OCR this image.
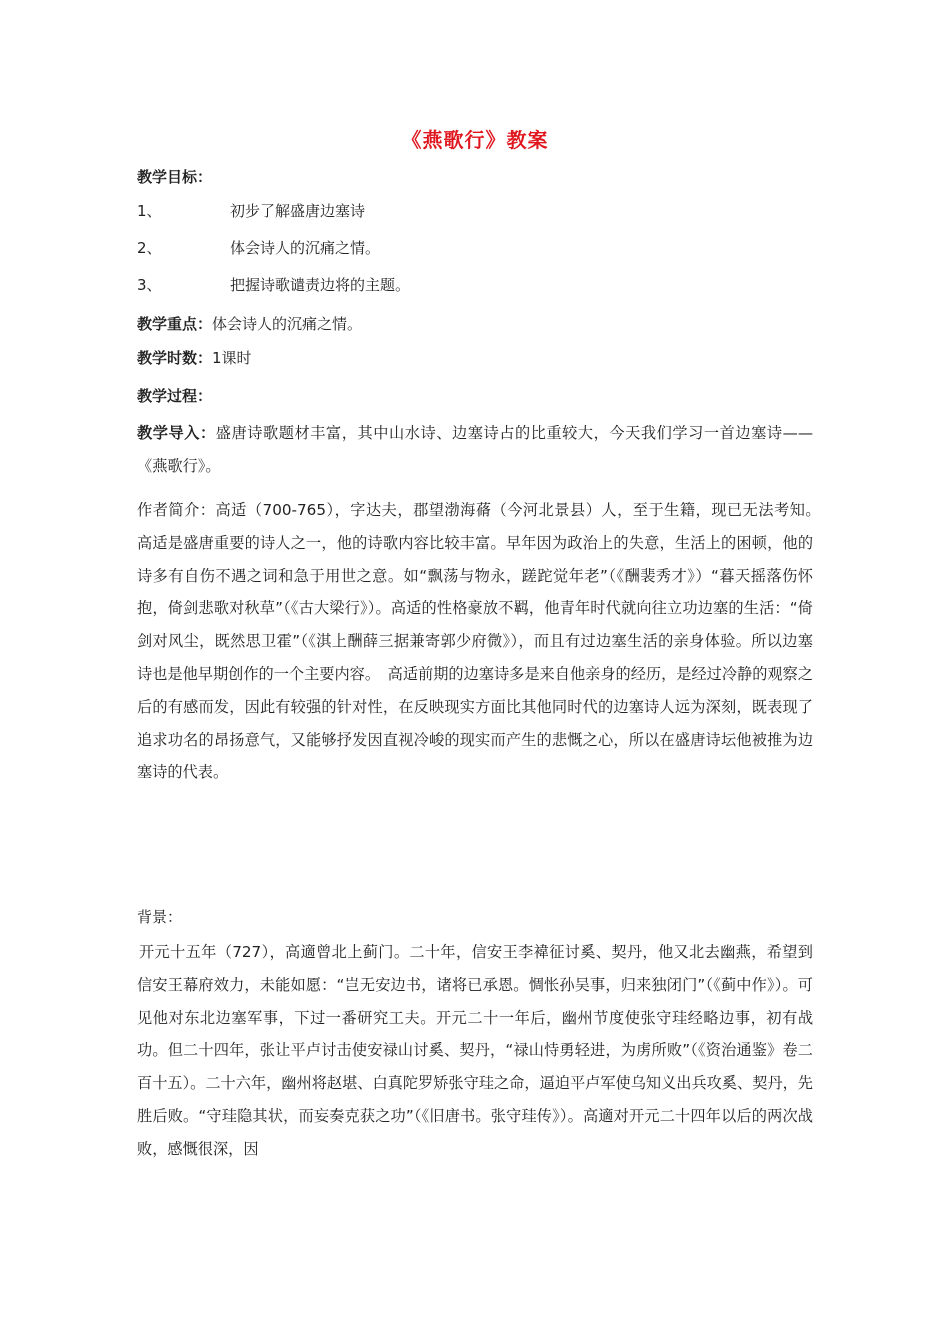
《燕歌行》教案
教学目标：
1、	初步了解盛唐边塞诗
2、	体会诗人的沉痛之情。
3、	把握诗歌谴责边将的主题。
教学重点：体会诗人的沉痛之情。
教学时数：1课时
教学过程：
教学导入：盛唐诗歌题材丰富，其中山水诗、边塞诗占的比重较大，今天我们学习一首边塞诗——《燕歌行》。
作者简介：高适（700-765），字达夫，郡望渤海蓨（今河北景县）人，至于生籍，现已无法考知。　高适是盛唐重要的诗人之一，他的诗歌内容比较丰富。早年因为政治上的失意，生活上的困顿，他的诗多有自伤不遇之词和急于用世之意。如“飘荡与物永，蹉跎觉年老”（《酬裴秀才》）“暮天摇落伤怀抱，倚剑悲歌对秋草”（《古大梁行》）。高适的性格豪放不羁，他青年时代就向往立功边塞的生活：“倚剑对风尘，既然思卫霍”（《淇上酬薛三据兼寄郭少府微》），而且有过边塞生活的亲身体验。所以边塞诗也是他早期创作的一个主要内容。　高适前期的边塞诗多是来自他亲身的经历，是经过冷静的观察之后的有感而发，因此有较强的针对性，在反映现实方面比其他同时代的边塞诗人远为深刻，既表现了追求功名的昂扬意气，又能够抒发因直视冷峻的现实而产生的悲慨之心，所以在盛唐诗坛他被推为边塞诗的代表。
背景：
开元十五年（727），高適曾北上蓟门。二十年，信安王李褘征讨奚、契丹，他又北去幽燕，希望到信安王幕府效力，未能如愿：“岂无安边书，诸将已承恩。惆怅孙吴事，归来独闭门”（《蓟中作》）。可见他对东北边塞军事，下过一番研究工夫。开元二十一年后，幽州节度使张守珪经略边事，初有战功。但二十四年，张让平卢讨击使安禄山讨奚、契丹，“禄山恃勇轻进，为虏所败”（《资治通鉴》卷二百十五）。二十六年，幽州将赵堪、白真陀罗矫张守珪之命，逼迫平卢军使乌知义出兵攻奚、契丹，先胜后败。“守珪隐其状，而妄奏克获之功”（《旧唐书。张守珪传》）。高適对开元二十四年以后的两次战败，感慨很深，因
